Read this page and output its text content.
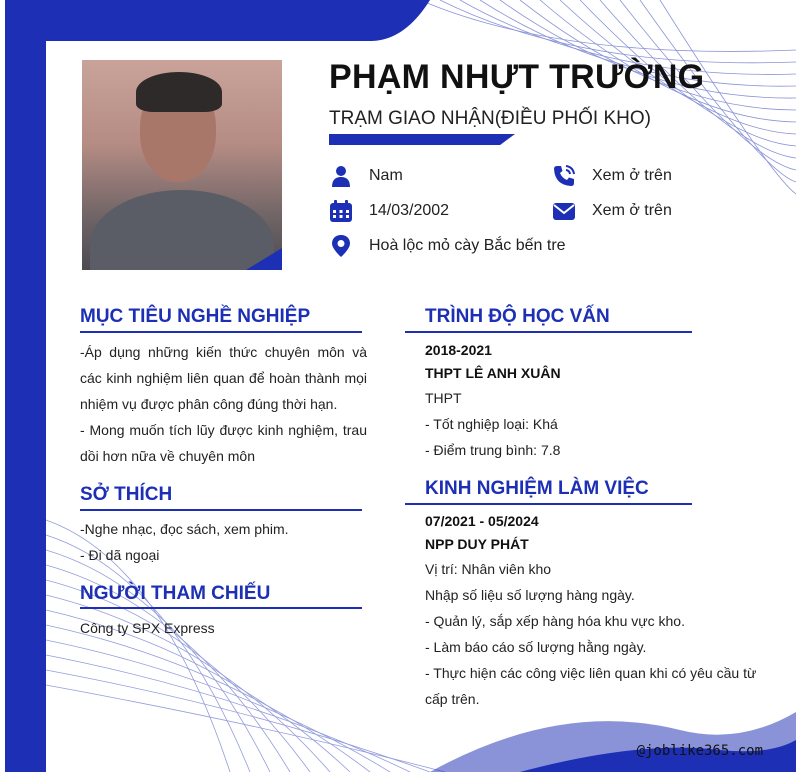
PHẠM NHỰT TRƯỜNG
TRẠM GIAO NHẬN(ĐIỀU PHỐI KHO)
Nam
14/03/2002
Hoà lộc mỏ cày Bắc bến tre
Xem ở trên
Xem ở trên
MỤC TIÊU NGHỀ NGHIỆP

-Áp dụng những kiến thức chuyên môn và các kinh nghiệm liên quan để hoàn thành mọi nhiệm vụ được phân công đúng thời hạn.

- Mong muốn tích lũy được kinh nghiệm, trau dồi hơn nữa về chuyên môn

SỞ THÍCH
-Nghe nhạc, đọc sách, xem phim.
- Đi dã ngoại
NGƯỜI THAM CHIẾU
Công ty SPX Express
TRÌNH ĐỘ HỌC VẤN
2018-2021
THPT LÊ ANH XUÂN
THPT
- Tốt nghiệp loại: Khá
- Điểm trung bình: 7.8
KINH NGHIỆM LÀM VIỆC
07/2021 - 05/2024
NPP DUY PHÁT
Vị trí: Nhân viên kho
Nhập số liệu số lượng hàng ngày.
- Quản lý, sắp xếp hàng hóa khu vực kho.
- Làm báo cáo số lượng hằng ngày.
- Thực hiện các công việc liên quan khi có yêu cầu từ cấp trên.
@joblike365.com
